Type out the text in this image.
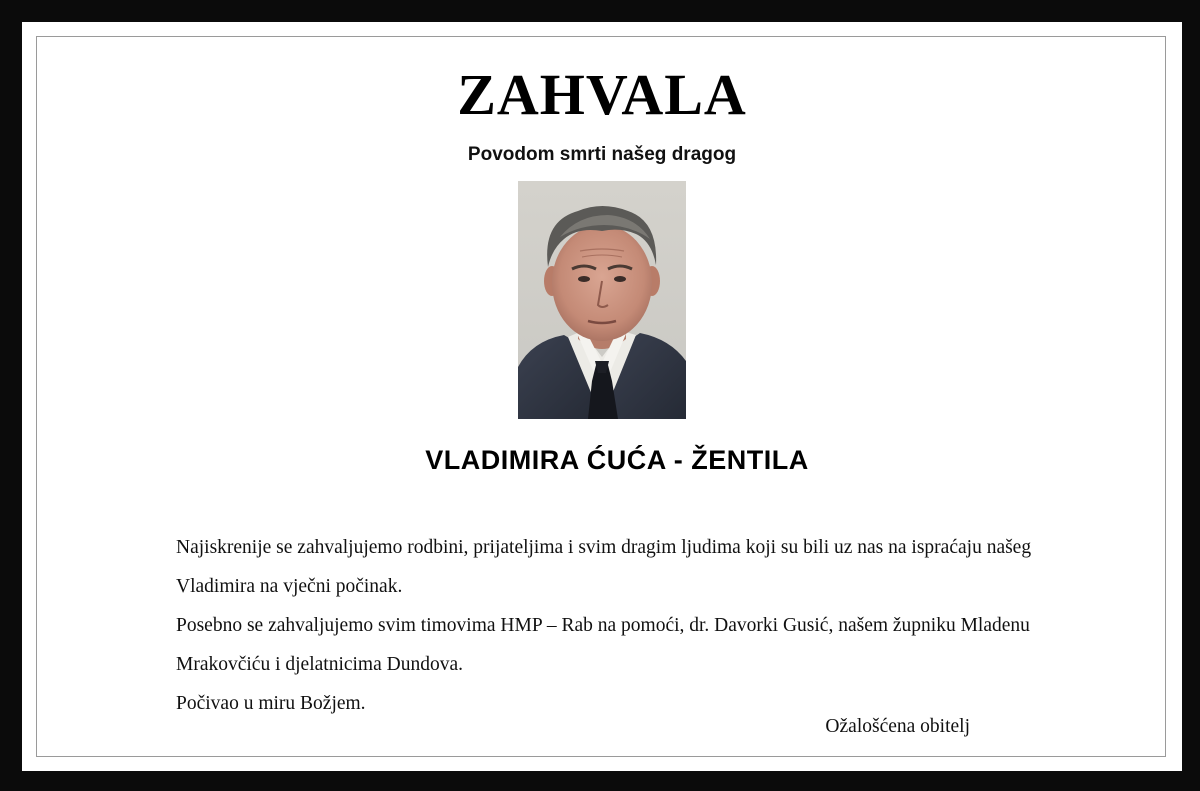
ZAHVALA
Povodom smrti našeg dragog
VLADIMIRA ĆUĆA - ŽENTILA

Najiskrenije se zahvaljujemo rodbini, prijateljima i svim dragim ljudima koji su bili uz nas na ispraćaju našeg Vladimira na vječni počinak.

Posebno se zahvaljujemo svim timovima HMP – Rab na pomoći, dr. Davorki Gusić, našem župniku Mladenu Mrakovčiću i djelatnicima Dundova.

Počivao u miru Božjem.

Ožalošćena obitelj
